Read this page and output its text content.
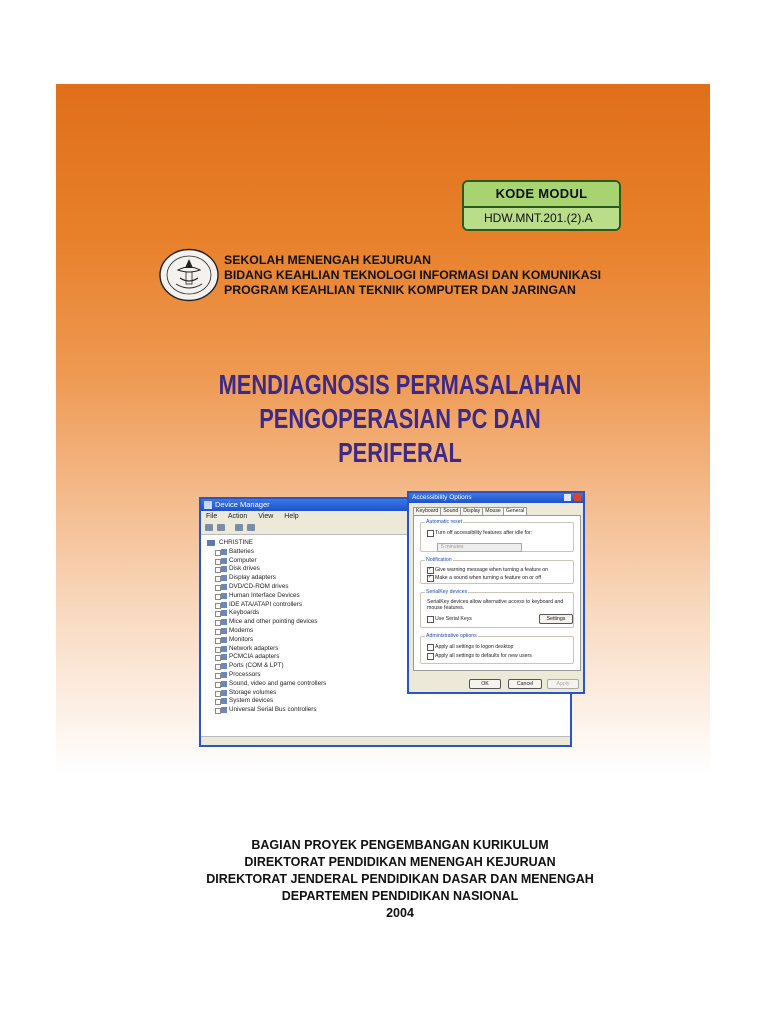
KODE MODUL
HDW.MNT.201.(2).A
SEKOLAH MENENGAH KEJURUAN
BIDANG KEAHLIAN TEKNOLOGI INFORMASI DAN KOMUNIKASI
PROGRAM KEAHLIAN TEKNIK KOMPUTER DAN JARINGAN
MENDIAGNOSIS PERMASALAHAN
PENGOPERASIAN PC DAN PERIFERAL
Device Manager
File Action View Help
CHRISTINE
Batteries
Computer
Disk drives
Display adapters
DVD/CD-ROM drives
Human Interface Devices
IDE ATA/ATAPI controllers
Keyboards
Mice and other pointing devices
Modems
Monitors
Network adapters
PCMCIA adapters
Ports (COM & LPT)
Processors
Sound, video and game controllers
Storage volumes
System devices
Universal Serial Bus controllers
Accessibility Options
Keyboard Sound Display Mouse General
Automatic reset
Turn off accessibility features after idle for:
5 minutes
Notification
Give warning message when turning a feature on ✓
Make a sound when turning a feature on or off ✓
SerialKey devices
SerialKey devices allow alternative access to keyboard and
mouse features.
Use Serial Keys	Settings
Administrative options
Apply all settings to logon desktop
Apply all settings to defaults for new users
OK	Cancel	Apply
BAGIAN PROYEK PENGEMBANGAN KURIKULUM
DIREKTORAT PENDIDIKAN MENENGAH KEJURUAN
DIREKTORAT JENDERAL PENDIDIKAN DASAR DAN MENENGAH
DEPARTEMEN PENDIDIKAN NASIONAL
2004
